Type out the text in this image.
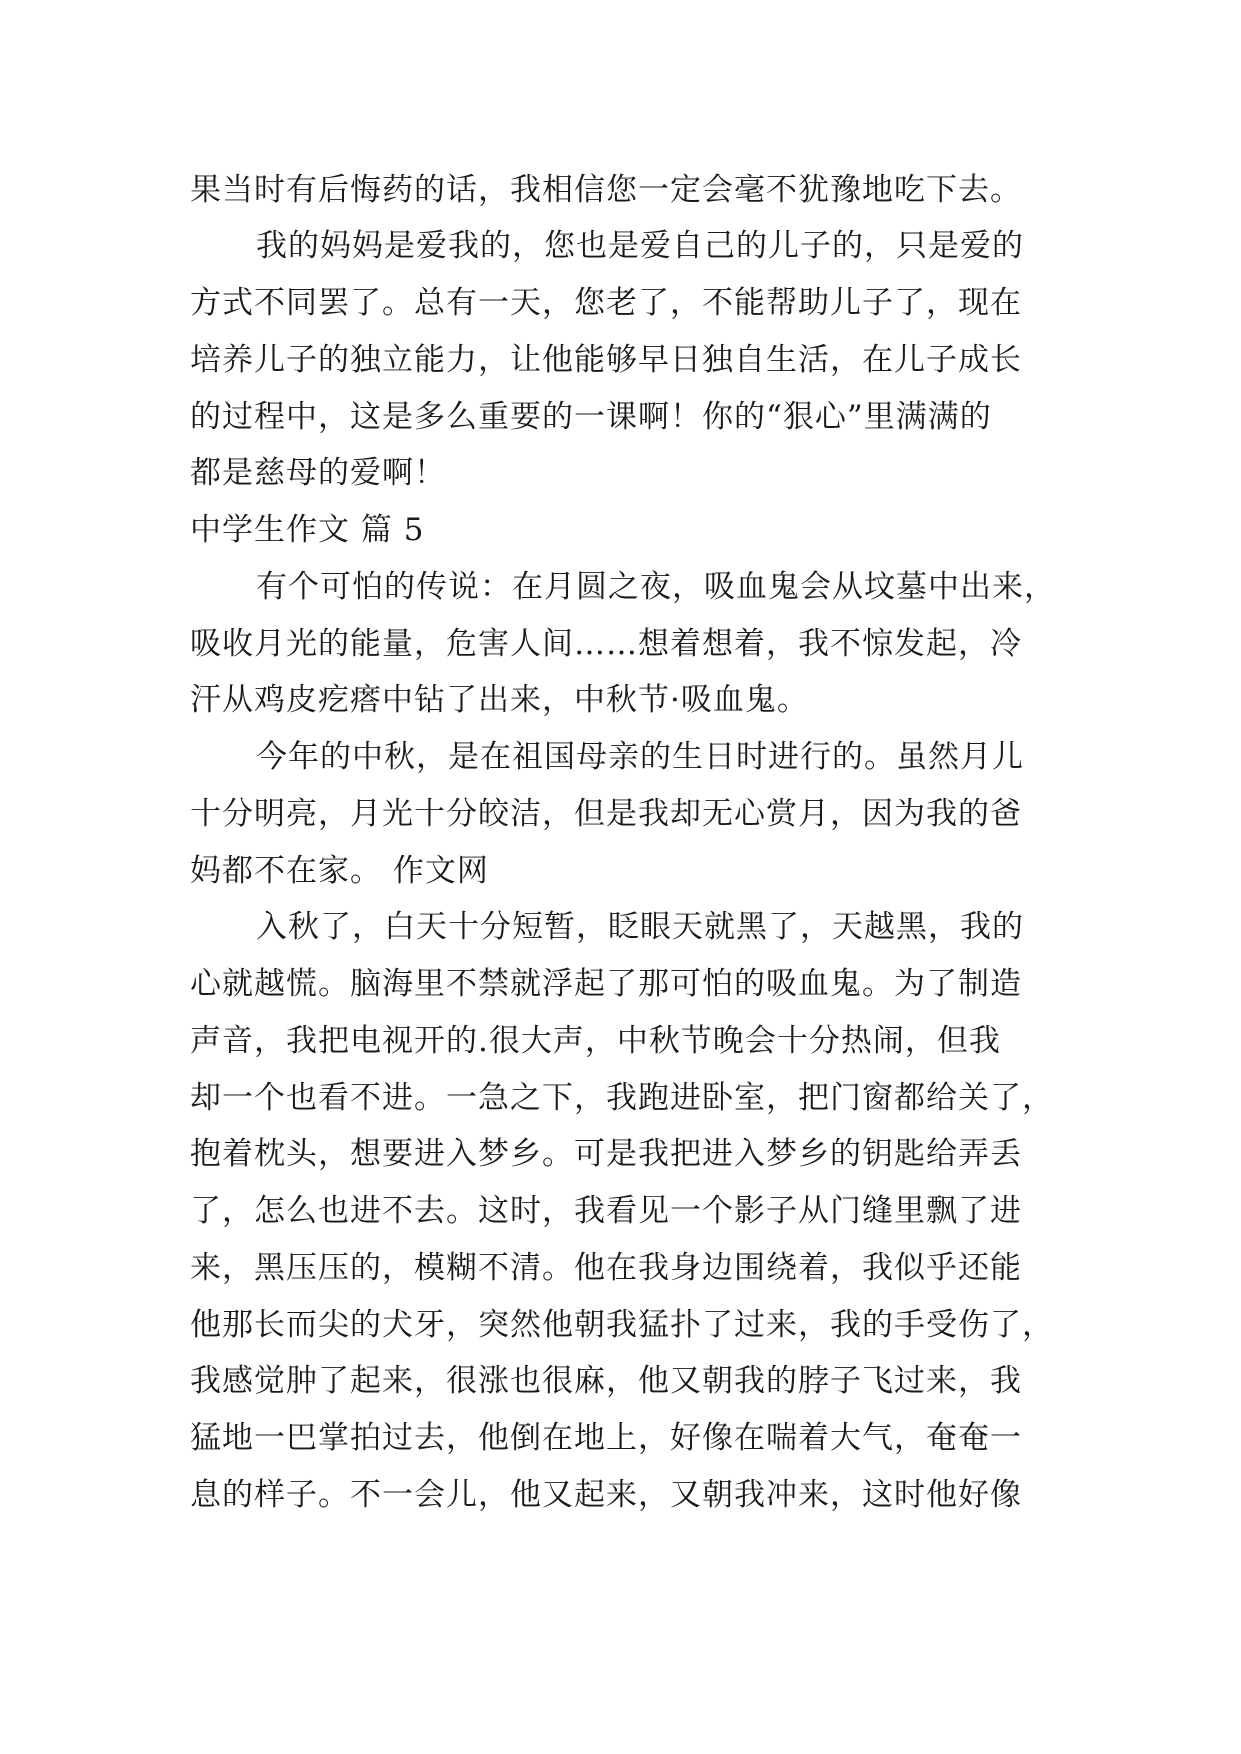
果当时有后悔药的话，我相信您一定会毫不犹豫地吃下去。
我的妈妈是爱我的，您也是爱自己的儿子的，只是爱的
方式不同罢了。总有一天，您老了，不能帮助儿子了，现在
培养儿子的独立能力，让他能够早日独自生活，在儿子成长
的过程中，这是多么重要的一课啊！你的“狠心”里满满的
都是慈母的爱啊！
中学生作文 篇 5
有个可怕的传说：在月圆之夜，吸血鬼会从坟墓中出来，
吸收月光的能量，危害人间……想着想着，我不惊发起，冷
汗从鸡皮疙瘩中钻了出来，中秋节·吸血鬼。
今年的中秋，是在祖国母亲的生日时进行的。虽然月儿
十分明亮，月光十分皎洁，但是我却无心赏月，因为我的爸
妈都不在家。 作文网
入秋了，白天十分短暂，眨眼天就黑了，天越黑，我的
心就越慌。脑海里不禁就浮起了那可怕的吸血鬼。为了制造
声音，我把电视开的.很大声，中秋节晚会十分热闹，但我
却一个也看不进。一急之下，我跑进卧室，把门窗都给关了，
抱着枕头，想要进入梦乡。可是我把进入梦乡的钥匙给弄丢
了，怎么也进不去。这时，我看见一个影子从门缝里飘了进
来，黑压压的，模糊不清。他在我身边围绕着，我似乎还能
他那长而尖的犬牙，突然他朝我猛扑了过来，我的手受伤了，
我感觉肿了起来，很涨也很麻，他又朝我的脖子飞过来，我
猛地一巴掌拍过去，他倒在地上，好像在喘着大气，奄奄一
息的样子。不一会儿，他又起来，又朝我冲来，这时他好像
